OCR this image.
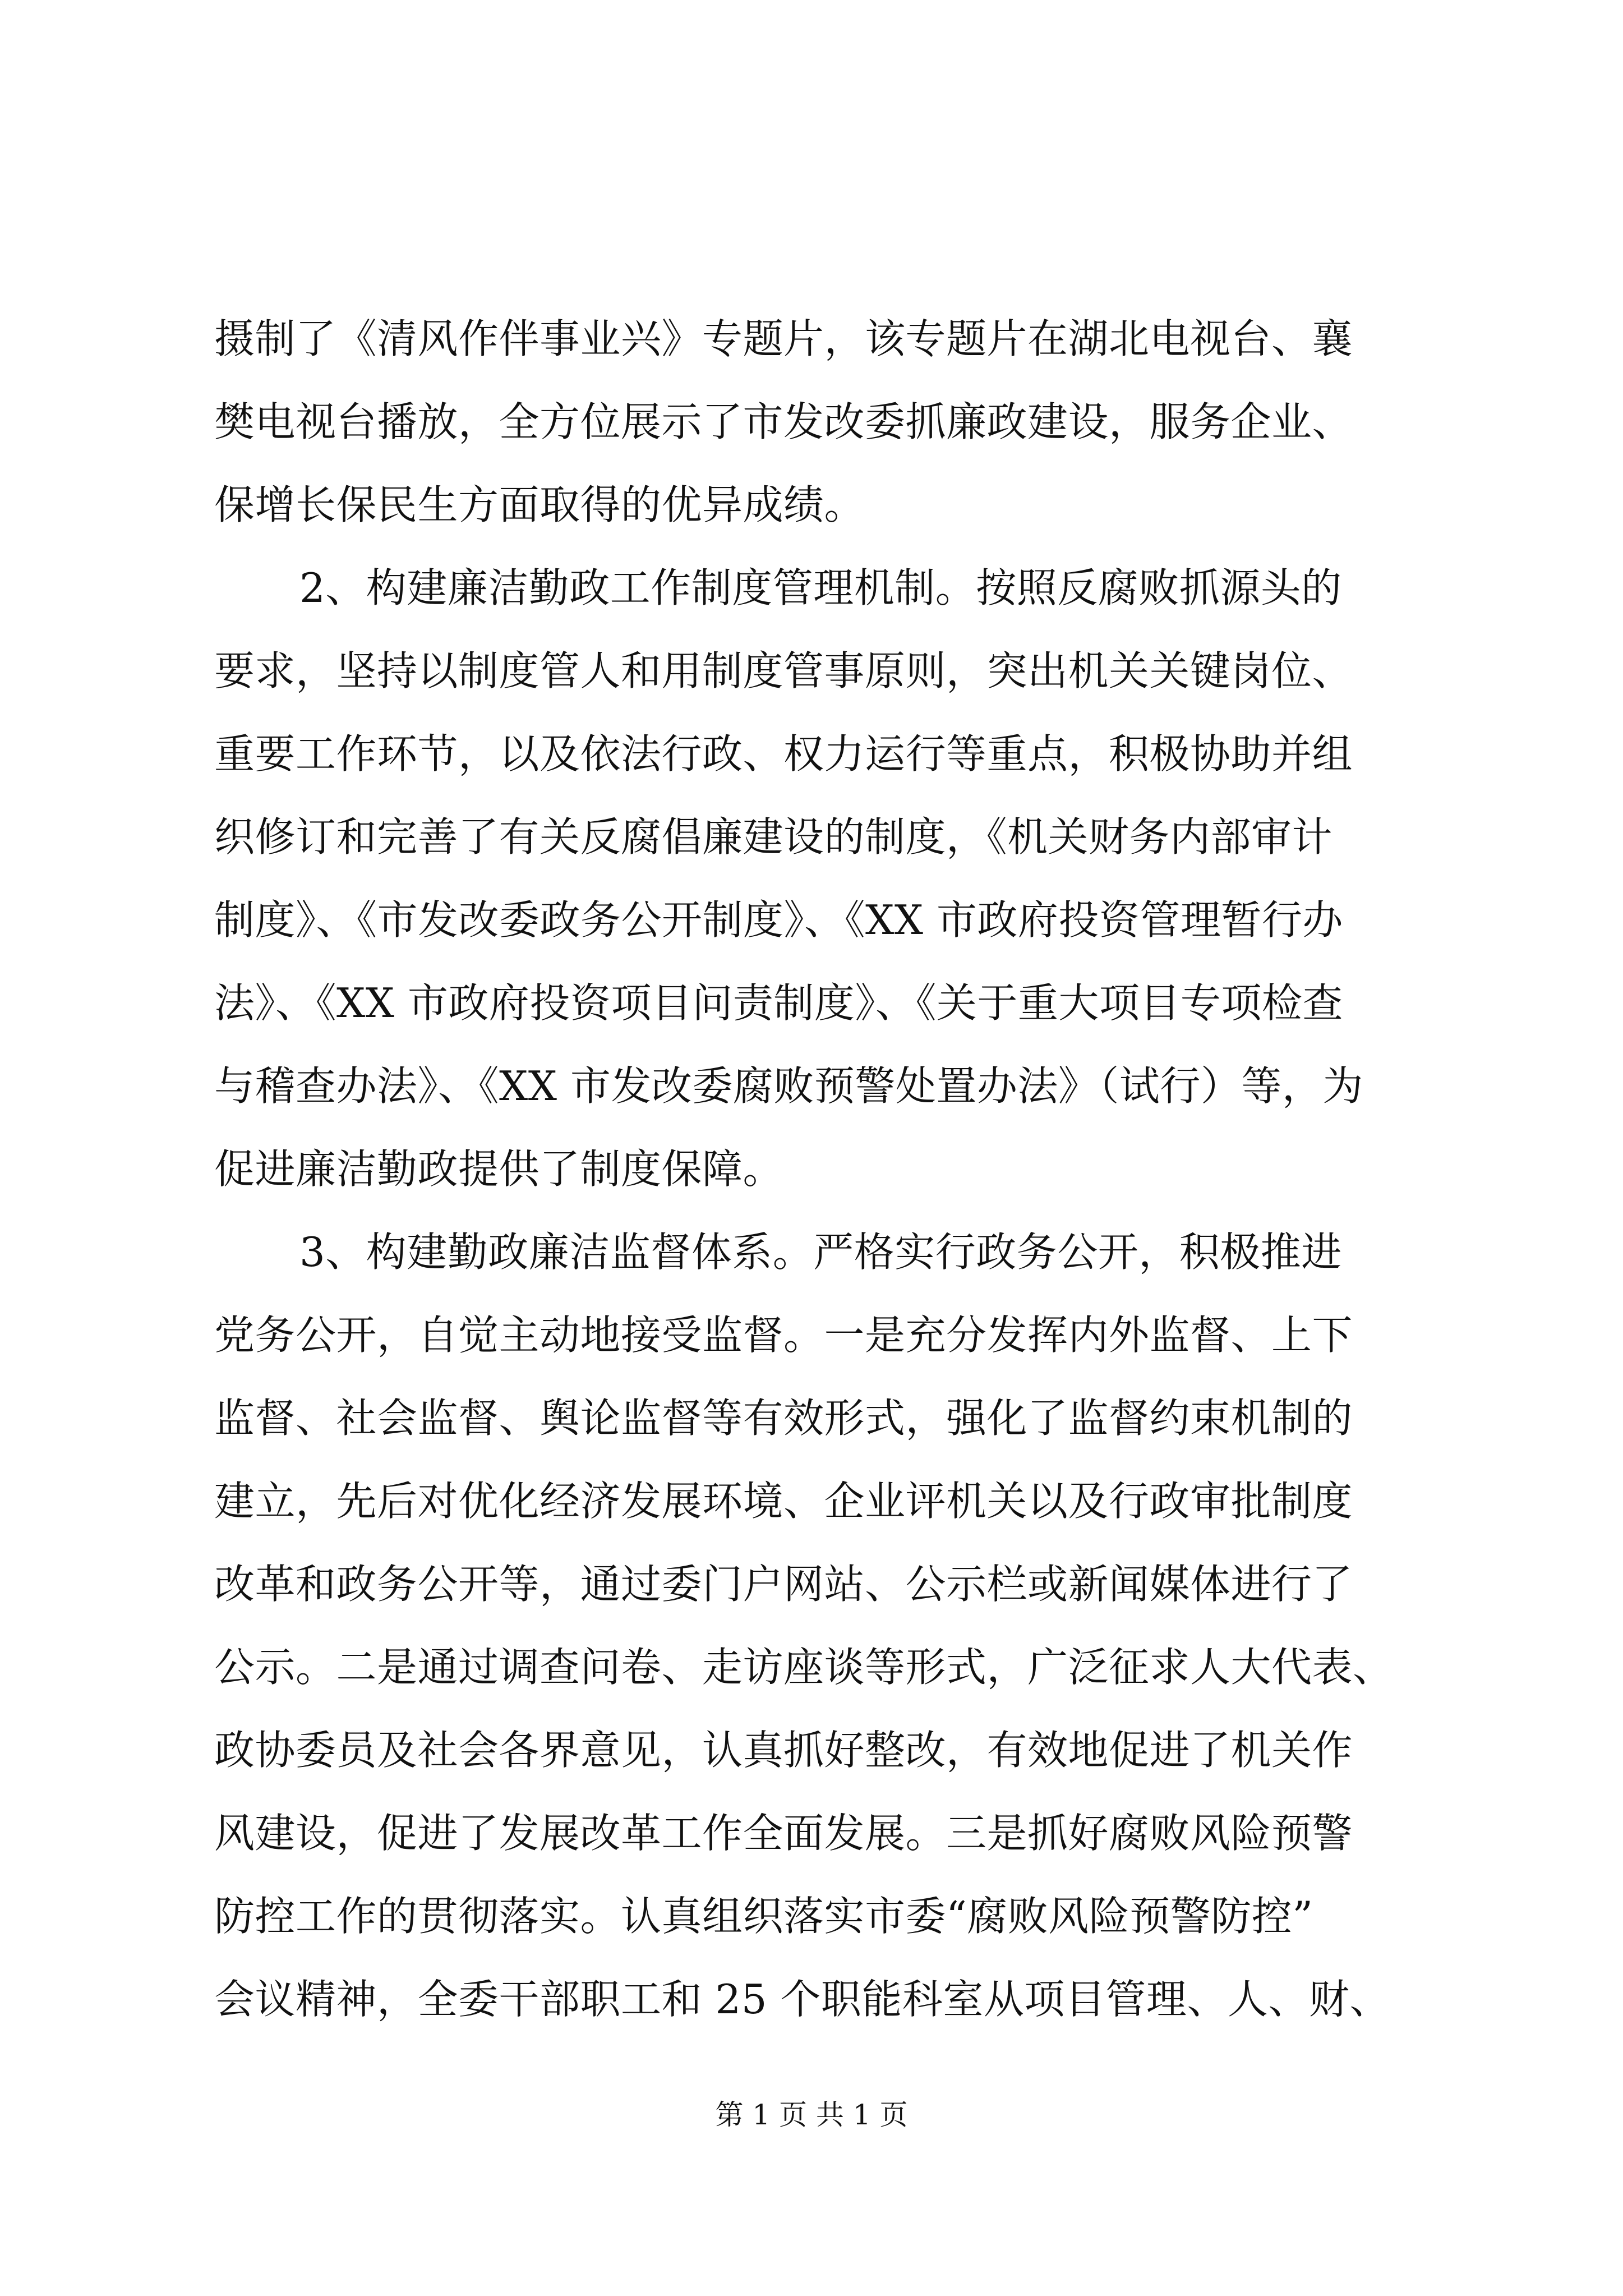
摄制了《清风作伴事业兴》专题片，该专题片在湖北电视台、襄
樊电视台播放，全方位展示了市发改委抓廉政建设，服务企业、
保增长保民生方面取得的优异成绩。
2、构建廉洁勤政工作制度管理机制。按照反腐败抓源头的
要求，坚持以制度管人和用制度管事原则，突出机关关键岗位、
重要工作环节，以及依法行政、权力运行等重点，积极协助并组
织修订和完善了有关反腐倡廉建设的制度，《机关财务内部审计
制度》、《市发改委政务公开制度》、《XX 市政府投资管理暂行办
法》、《XX 市政府投资项目问责制度》、《关于重大项目专项检查
与稽查办法》、《XX 市发改委腐败预警处置办法》（试行）等，为
促进廉洁勤政提供了制度保障。
3、构建勤政廉洁监督体系。严格实行政务公开，积极推进
党务公开，自觉主动地接受监督。一是充分发挥内外监督、上下
监督、社会监督、舆论监督等有效形式，强化了监督约束机制的
建立，先后对优化经济发展环境、企业评机关以及行政审批制度
改革和政务公开等，通过委门户网站、公示栏或新闻媒体进行了
公示。二是通过调查问卷、走访座谈等形式，广泛征求人大代表、
政协委员及社会各界意见，认真抓好整改，有效地促进了机关作
风建设，促进了发展改革工作全面发展。三是抓好腐败风险预警
防控工作的贯彻落实。认真组织落实市委“腐败风险预警防控”
会议精神，全委干部职工和 25 个职能科室从项目管理、人、财、
第 1 页 共 1 页
